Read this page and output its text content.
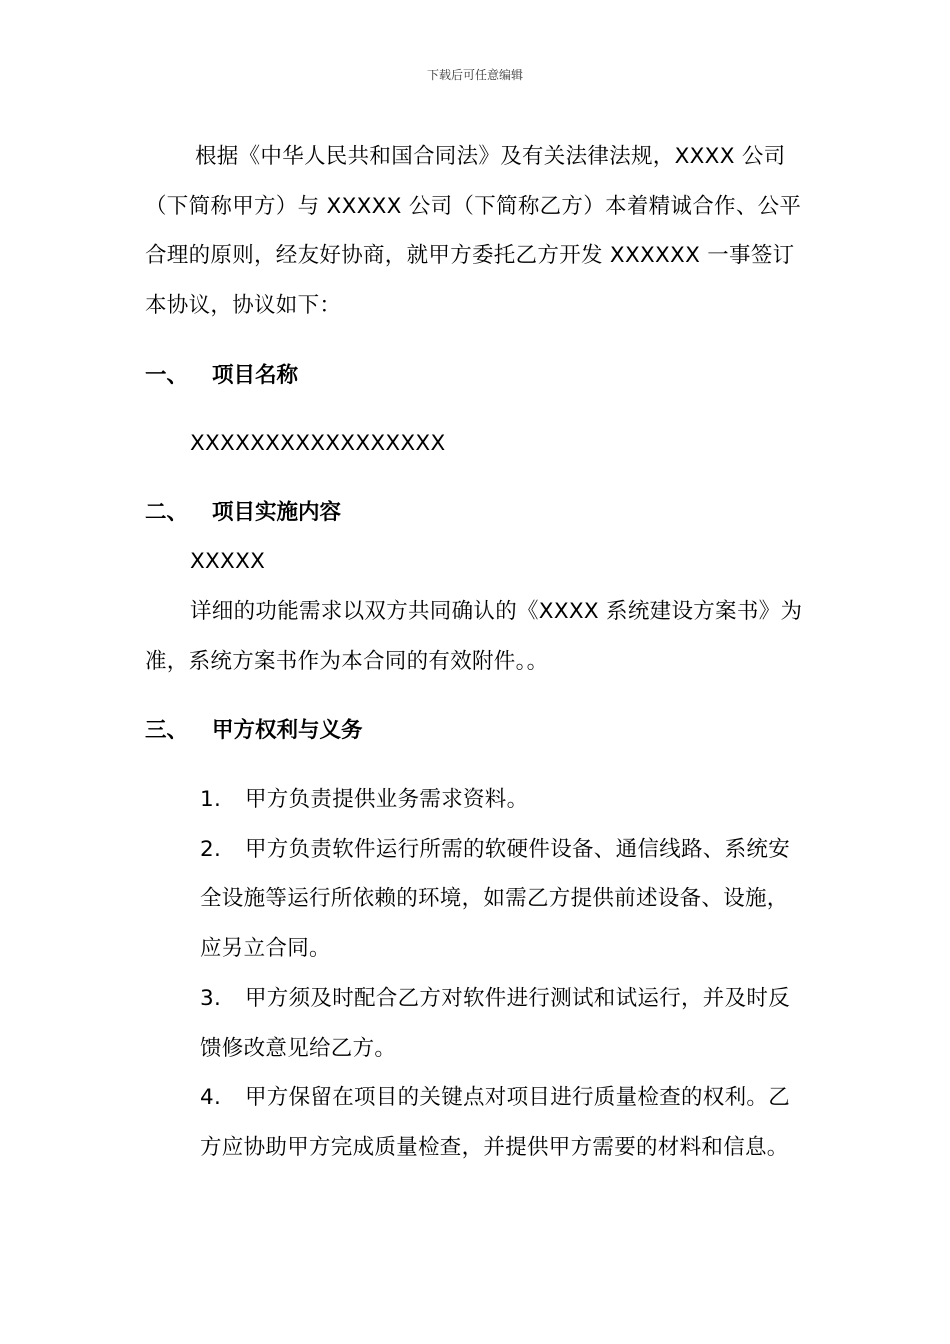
下载后可任意编辑
根据《中华人民共和国合同法》及有关法律法规，XXXX 公司
（下简称甲方）与 XXXXX 公司（下简称乙方）本着精诚合作、公平
合理的原则，经友好协商，就甲方委托乙方开发 XXXXXX 一事签订
本协议，协议如下：
一、 项目名称
XXXXXXXXXXXXXXXXX
二、 项目实施内容
XXXXX
详细的功能需求以双方共同确认的《XXXX 系统建设方案书》为
准，系统方案书作为本合同的有效附件。。
三、 甲方权利与义务
1. 甲方负责提供业务需求资料。
2. 甲方负责软件运行所需的软硬件设备、通信线路、系统安
全设施等运行所依赖的环境，如需乙方提供前述设备、设施，
应另立合同。
3. 甲方须及时配合乙方对软件进行测试和试运行，并及时反
馈修改意见给乙方。
4. 甲方保留在项目的关键点对项目进行质量检查的权利。乙
方应协助甲方完成质量检查，并提供甲方需要的材料和信息。
